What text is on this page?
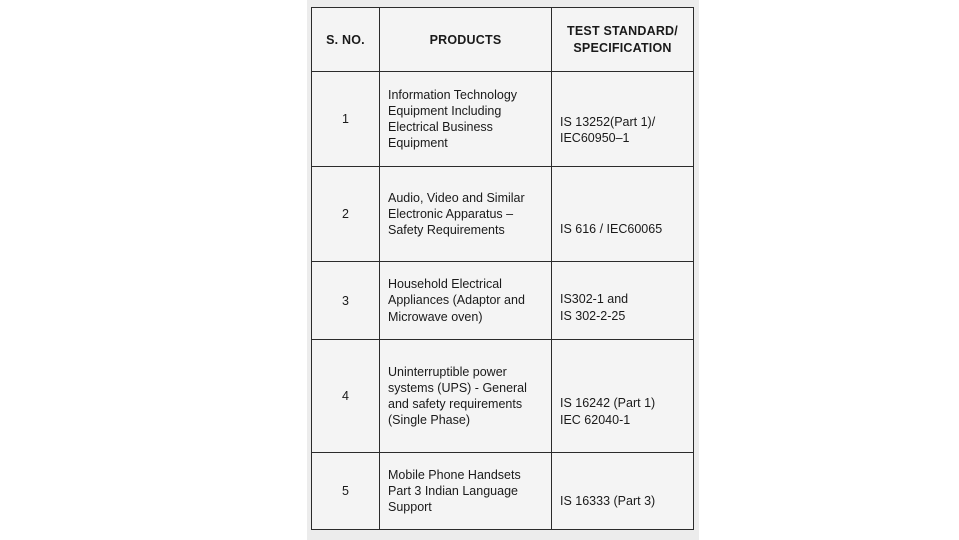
S. NO.	PRODUCTS	TEST STANDARD/
SPECIFICATION
1	Information Technology
Equipment Including
Electrical Business
Equipment	IS 13252(Part 1)/
IEC60950–1
2	Audio, Video and Similar
Electronic Apparatus –
Safety Requirements	IS 616 / IEC60065
3	Household Electrical
Appliances (Adaptor and
Microwave oven)	IS302-1 and
IS 302-2-25
4	Uninterruptible power
systems (UPS) - General
and safety requirements
(Single Phase)	IS 16242 (Part 1)
IEC 62040-1
5	Mobile Phone Handsets
Part 3 Indian Language
Support	IS 16333 (Part 3)
